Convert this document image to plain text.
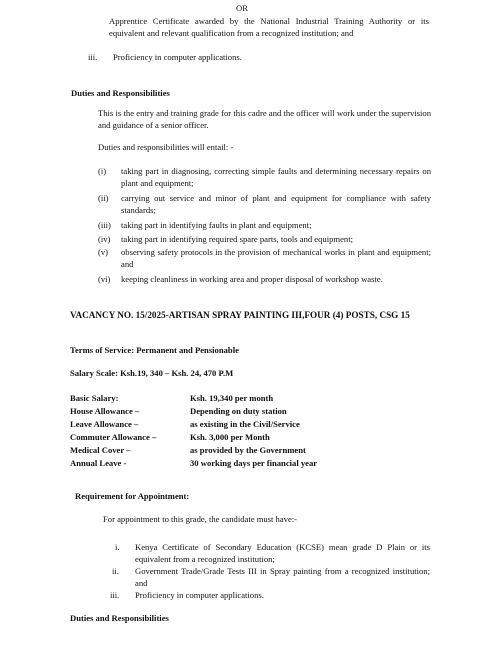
OR
Apprentice Certificate awarded by the National Industrial Training Authority or its equivalent and relevant qualification from a recognized institution; and
iii. Proficiency in computer applications.
Duties and Responsibilities
This is the entry and training grade for this cadre and the officer will work under the supervision and guidance of a senior officer.
Duties and responsibilities will entail: -
(i) taking part in diagnosing, correcting simple faults and determining necessary repairs on plant and equipment;
(ii) carrying out service and minor of plant and equipment for compliance with safety standards;
(iii) taking part in identifying faults in plant and equipment;
(iv) taking part in identifying required spare parts, tools and equipment;
(v) observing safety protocols in the provision of mechanical works in plant and equipment; and
(vi) keeping cleanliness in working area and proper disposal of workshop waste.
VACANCY NO. 15/2025-ARTISAN SPRAY PAINTING III,FOUR (4) POSTS, CSG 15
Terms of Service: Permanent and Pensionable
Salary Scale: Ksh.19, 340 – Ksh. 24, 470 P.M
Basic Salary:	Ksh. 19,340 per month
House Allowance –	Depending on duty station
Leave Allowance –	as existing in the Civil/Service
Commuter Allowance –	Ksh. 3,000 per Month
Medical Cover –	as provided by the Government
Annual Leave -	30 working days per financial year
Requirement for Appointment:
For appointment to this grade, the candidate must have:-
i. Kenya Certificate of Secondary Education (KCSE) mean grade D Plain or its equivalent from a recognized institution;
ii. Government Trade/Grade Tests III in Spray painting from a recognized institution; and
iii. Proficiency in computer applications.
Duties and Responsibilities
